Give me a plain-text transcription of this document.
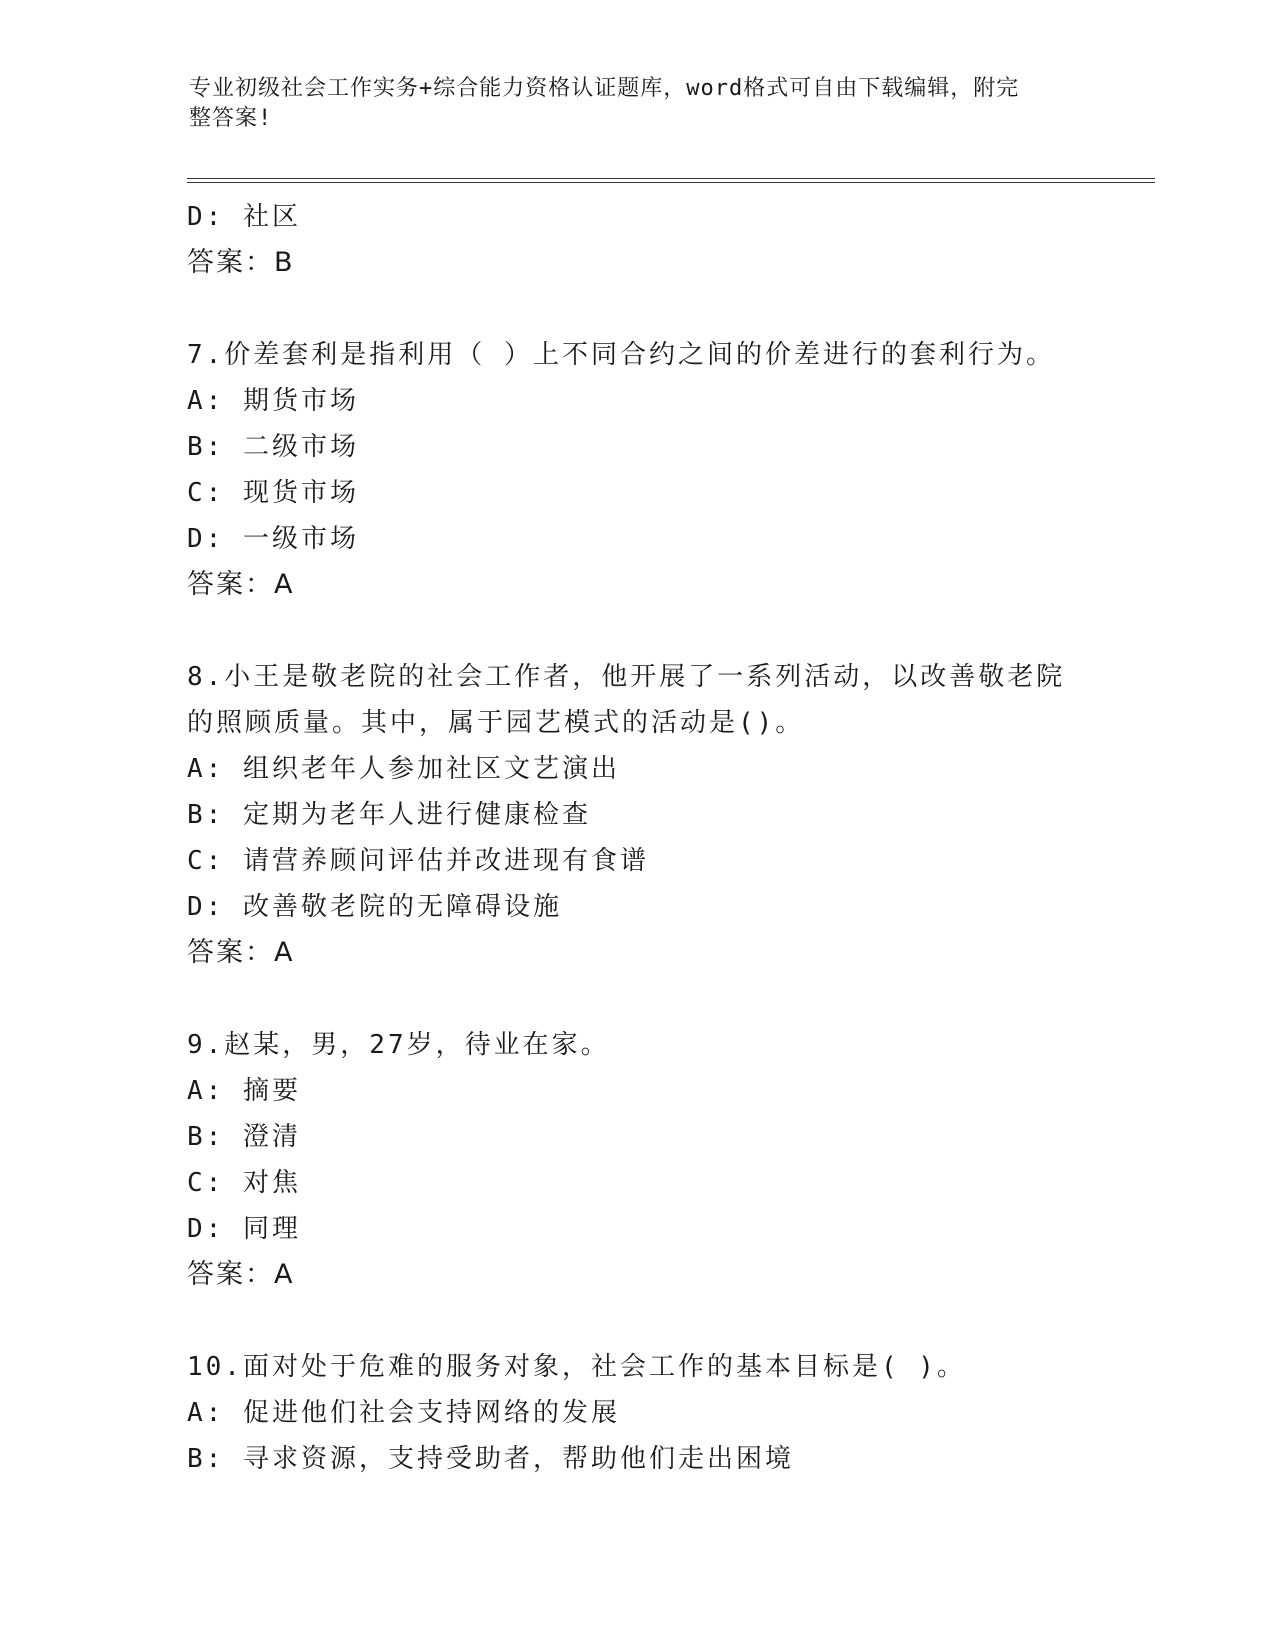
专业初级社会工作实务+综合能力资格认证题库，word格式可自由下载编辑，附完
整答案!
D: 社区
答案：B
7.价差套利是指利用（ ）上不同合约之间的价差进行的套利行为。
A: 期货市场
B: 二级市场
C: 现货市场
D: 一级市场
答案：A
8.小王是敬老院的社会工作者，他开展了一系列活动，以改善敬老院
的照顾质量。其中，属于园艺模式的活动是()。
A: 组织老年人参加社区文艺演出
B: 定期为老年人进行健康检查
C: 请营养顾问评估并改进现有食谱
D: 改善敬老院的无障碍设施
答案：A
9.赵某，男，27岁，待业在家。
A: 摘要
B: 澄清
C: 对焦
D: 同理
答案：A
10.面对处于危难的服务对象，社会工作的基本目标是( )。
A: 促进他们社会支持网络的发展
B: 寻求资源，支持受助者，帮助他们走出困境
